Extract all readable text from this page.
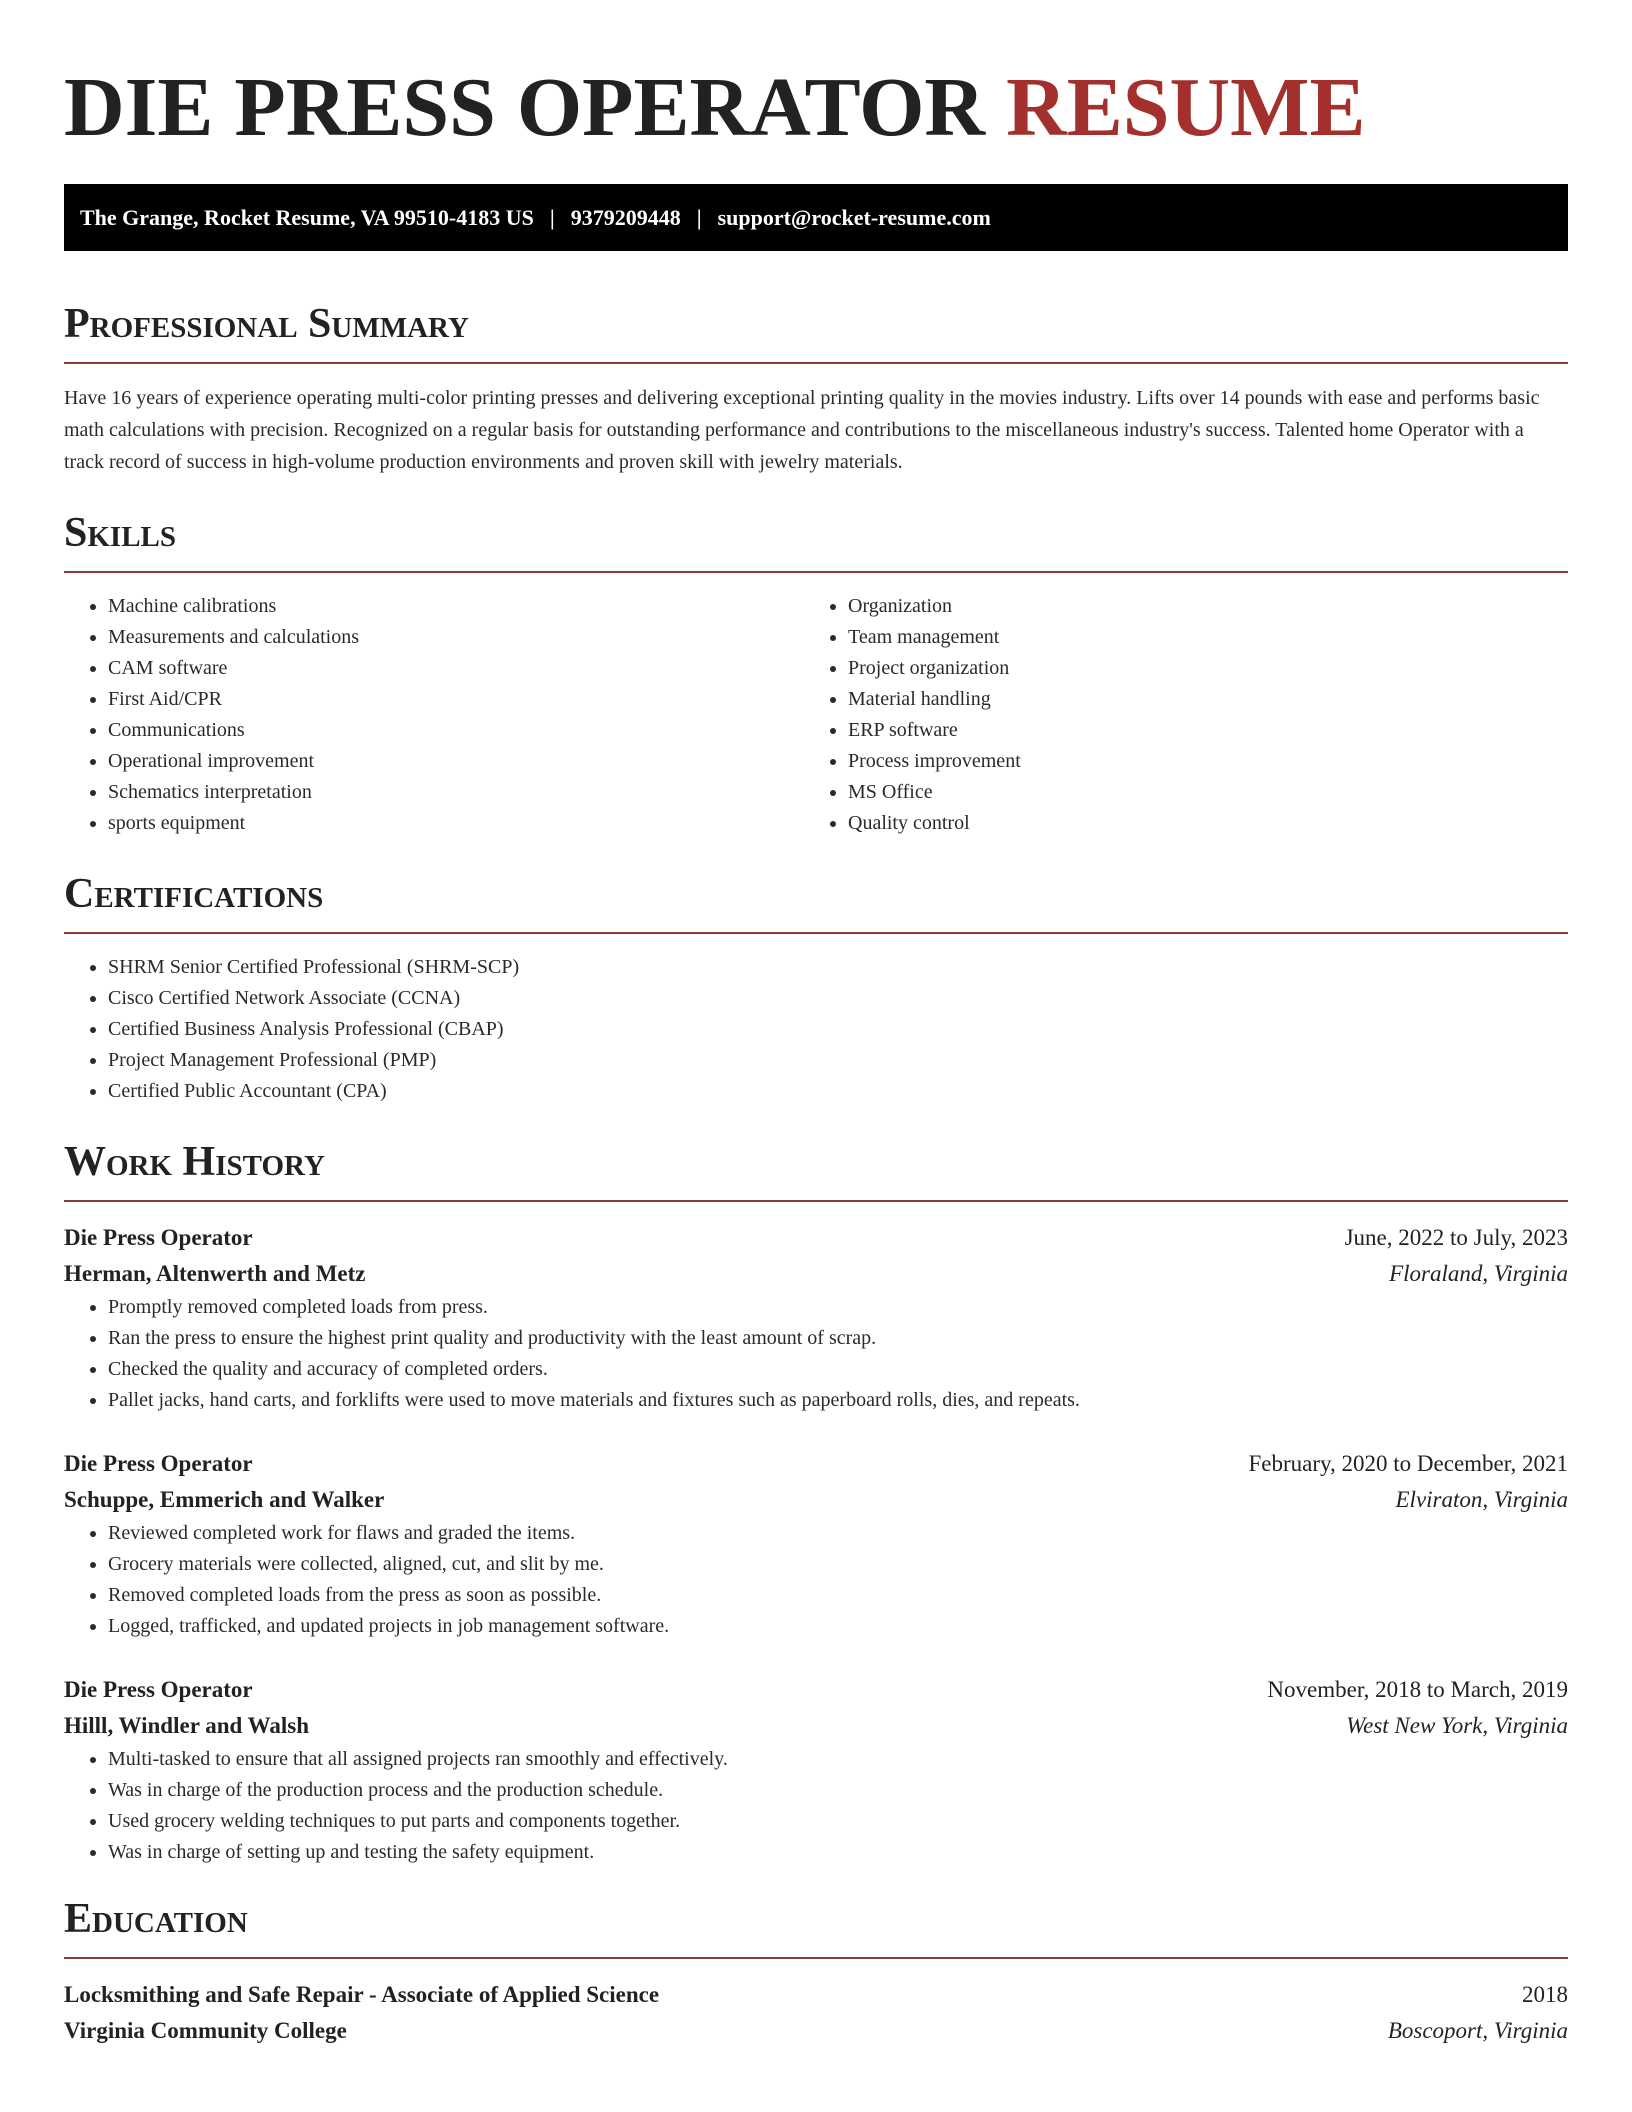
DIE PRESS OPERATOR RESUME
The Grange, Rocket Resume, VA 99510-4183 US | 9379209448 | support@rocket-resume.com
Professional Summary

Have 16 years of experience operating multi-color printing presses and delivering exceptional printing quality in the movies industry. Lifts over 14 pounds with ease and performs basic math calculations with precision. Recognized on a regular basis for outstanding performance and contributions to the miscellaneous industry's success. Talented home Operator with a track record of success in high-volume production environments and proven skill with jewelry materials.

Skills
• Machine calibrations
• Measurements and calculations
• CAM software
• First Aid/CPR
• Communications
• Operational improvement
• Schematics interpretation
• sports equipment
• Organization
• Team management
• Project organization
• Material handling
• ERP software
• Process improvement
• MS Office
• Quality control
Certifications
• SHRM Senior Certified Professional (SHRM-SCP)
• Cisco Certified Network Associate (CCNA)
• Certified Business Analysis Professional (CBAP)
• Project Management Professional (PMP)
• Certified Public Accountant (CPA)
Work History
Die Press Operator	June, 2022 to July, 2023
Herman, Altenwerth and Metz	Floraland, Virginia
• Promptly removed completed loads from press.
• Ran the press to ensure the highest print quality and productivity with the least amount of scrap.
• Checked the quality and accuracy of completed orders.
• Pallet jacks, hand carts, and forklifts were used to move materials and fixtures such as paperboard rolls, dies, and repeats.
Die Press Operator	February, 2020 to December, 2021
Schuppe, Emmerich and Walker	Elviraton, Virginia
• Reviewed completed work for flaws and graded the items.
• Grocery materials were collected, aligned, cut, and slit by me.
• Removed completed loads from the press as soon as possible.
• Logged, trafficked, and updated projects in job management software.
Die Press Operator	November, 2018 to March, 2019
Hilll, Windler and Walsh	West New York, Virginia
• Multi-tasked to ensure that all assigned projects ran smoothly and effectively.
• Was in charge of the production process and the production schedule.
• Used grocery welding techniques to put parts and components together.
• Was in charge of setting up and testing the safety equipment.
Education
Locksmithing and Safe Repair - Associate of Applied Science	2018
Virginia Community College	Boscoport, Virginia
